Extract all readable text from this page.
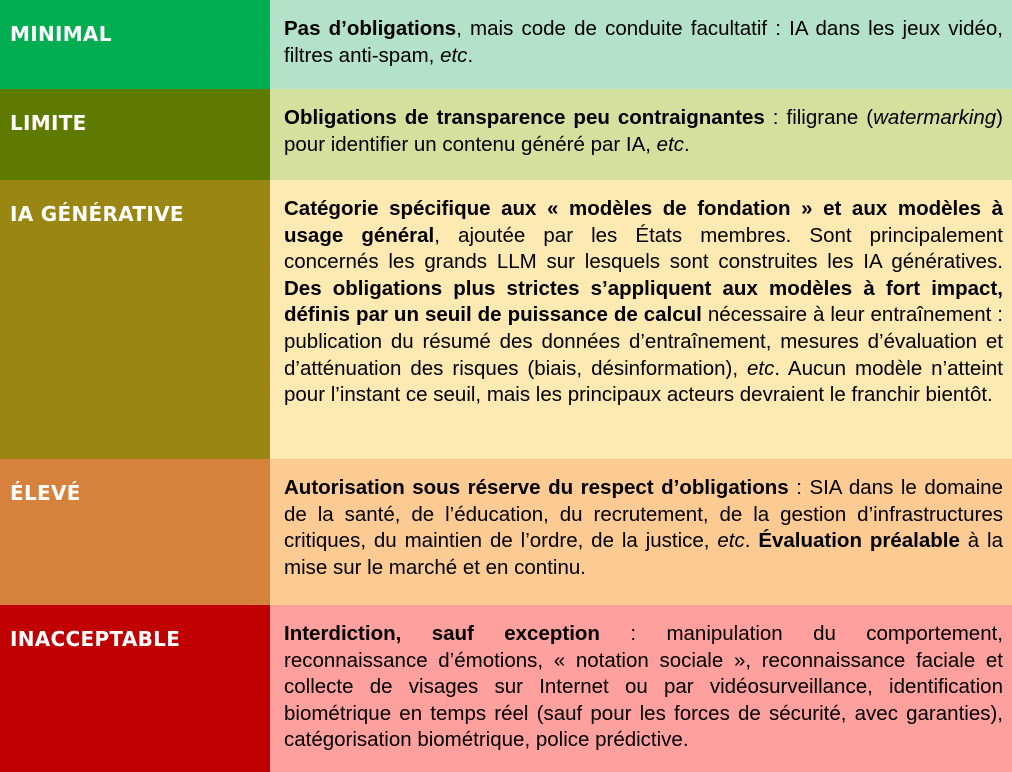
MINIMAL	Pas d’obligations, mais code de conduite facultatif : IA dans les jeux vidéo, filtres anti-spam, etc.
LIMITE	Obligations de transparence peu contraignantes : filigrane (watermarking) pour identifier un contenu généré par IA, etc.
IA GÉNÉRATIVE	Catégorie spécifique aux « modèles de fondation » et aux modèles à usage général, ajoutée par les États membres. Sont principalement concernés les grands LLM sur lesquels sont construites les IA génératives. Des obligations plus strictes s’appliquent aux modèles à fort impact, définis par un seuil de puissance de calcul nécessaire à leur entraînement : publication du résumé des données d’entraînement, mesures d’évaluation et d’atténuation des risques (biais, désinformation), etc. Aucun modèle n’atteint pour l’instant ce seuil, mais les principaux acteurs devraient le franchir bientôt.
ÉLEVÉ	Autorisation sous réserve du respect d’obligations : SIA dans le domaine de la santé, de l’éducation, du recrutement, de la gestion d’infrastructures critiques, du maintien de l’ordre, de la justice, etc. Évaluation préalable à la mise sur le marché et en continu.
INACCEPTABLE	Interdiction, sauf exception : manipulation du comportement, reconnaissance d’émotions, « notation sociale », reconnaissance faciale et collecte de visages sur Internet ou par vidéosurveillance, identification biométrique en temps réel (sauf pour les forces de sécurité, avec garanties), catégorisation biométrique, police prédictive.
